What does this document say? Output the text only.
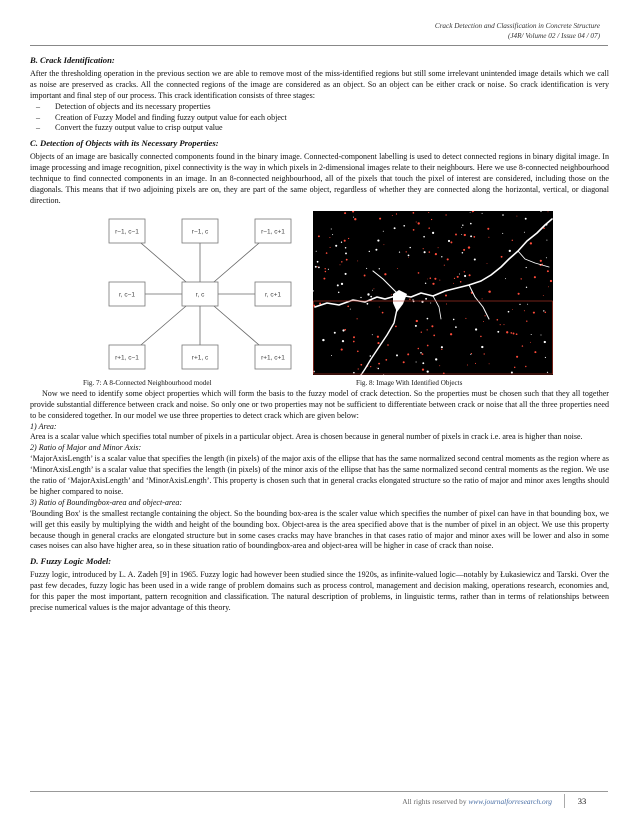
Crack Detection and Classification in Concrete Structure
(J4R/ Volume 02 / Issue 04 / 07)
B. Crack Identification:

After the thresholding operation in the previous section we are able to remove most of the miss-identified regions but still some irrelevant unintended image details which we call as noise are preserved as cracks. All the connected regions of the image are considered as an object. So an object can be either crack or noise. So crack identification is very important and final step of our process. This crack identification consists of three stages:

– Detection of objects and its necessary properties
– Creation of Fuzzy Model and finding fuzzy output value for each object
– Convert the fuzzy output value to crisp output value
C. Detection of Objects with its Necessary Properties:

Objects of an image are basically connected components found in the binary image. Connected-component labelling is used to detect connected regions in binary digital image. In image processing and image recognition, pixel connectivity is the way in which pixels in 2-dimensional images relate to their neighbours. Here we use 8-connected neighbourhood technique to find connected components in an image. In an 8-connected neighbourhood, all of the pixels that touch the pixel of interest are considered, including those on the diagonals. This means that if two adjoining pixels are on, they are part of the same object, regardless of whether they are connected along the horizontal, vertical, or diagonal direction.

r−1, c−1	r−1, c	r−1, c+1
r, c−1	r, c	r, c+1
r+1, c−1	r+1, c	r+1, c+1
Fig. 7: A 8-Connected Neighbourhood model	Fig. 8: Image With Identified Objects

Now we need to identify some object properties which will form the basis to the fuzzy model of crack detection. So the properties must be chosen such that they all together provide substantial difference between crack and noise. So only one or two properties may not be sufficient to differentiate between crack or noise that all the three properties need to be considered together. In our model we use three properties to detect crack which are given below:

1) Area:

Area is a scalar value which specifies total number of pixels in a particular object. Area is chosen because in general number of pixels in crack i.e. area is higher than noise.

2) Ratio of Major and Minor Axis:

‘MajorAxisLength’ is a scalar value that specifies the length (in pixels) of the major axis of the ellipse that has the same normalized second central moments as the region where as ‘MinorAxisLength’ is a scalar value that specifies the length (in pixels) of the minor axis of the ellipse that has the same normalized second central moments as the region. We use the ratio of ‘MajorAxisLength’ and ‘MinorAxisLength’. This property is chosen such that in general cracks elongated structure so the ratio of major and minor axes lengths should be higher compared to noise.

3) Ratio of Boundingbox-area and object-area:

'Bounding Box' is the smallest rectangle containing the object. So the bounding box-area is the scaler value which specifies the number of pixel can have in that bounding box, we will get this easily by multiplying the width and height of the bounding box. Object-area is the area specified above that is the number of pixel in an object. We use this property because though in general cracks are elongated structure but in some cases cracks may have branches in that cases ratio of major and minor axes will be lower and also in some cases noises can also have higher area, so in these situation ratio of boundingbox-area and object-area will be higher in case of crack than noise.

D. Fuzzy Logic Model:

Fuzzy logic, introduced by L. A. Zadeh [9] in 1965. Fuzzy logic had however been studied since the 1920s, as infinite-valued logic—notably by Łukasiewicz and Tarski. Over the past few decades, fuzzy logic has been used in a wide range of problem domains such as process control, management and decision making, operations research, economies and, for this paper the most important, pattern recognition and classification. The natural description of problems, in linguistic terms, rather than in terms of relationships between precise numerical values is the major advantage of this theory.

All rights reserved by www.journalforresearch.org	33
